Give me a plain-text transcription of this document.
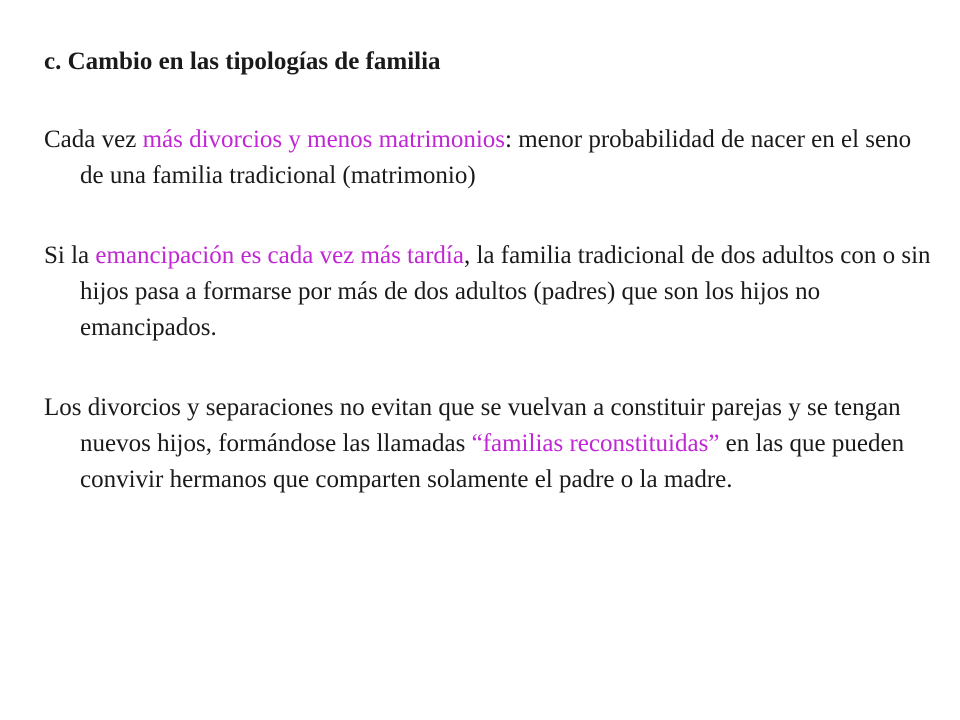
c. Cambio en las tipologías de familia

Cada vez más divorcios y menos matrimonios: menor probabilidad de nacer en el seno de una familia tradicional (matrimonio)

Si la emancipación es cada vez más tardía, la familia tradicional de dos adultos con o sin hijos pasa a formarse por más de dos adultos (padres) que son los hijos no emancipados.

Los divorcios y separaciones no evitan que se vuelvan a constituir parejas y se tengan nuevos hijos, formándose las llamadas “familias reconstituidas” en las que pueden convivir hermanos que comparten solamente el padre o la madre.
